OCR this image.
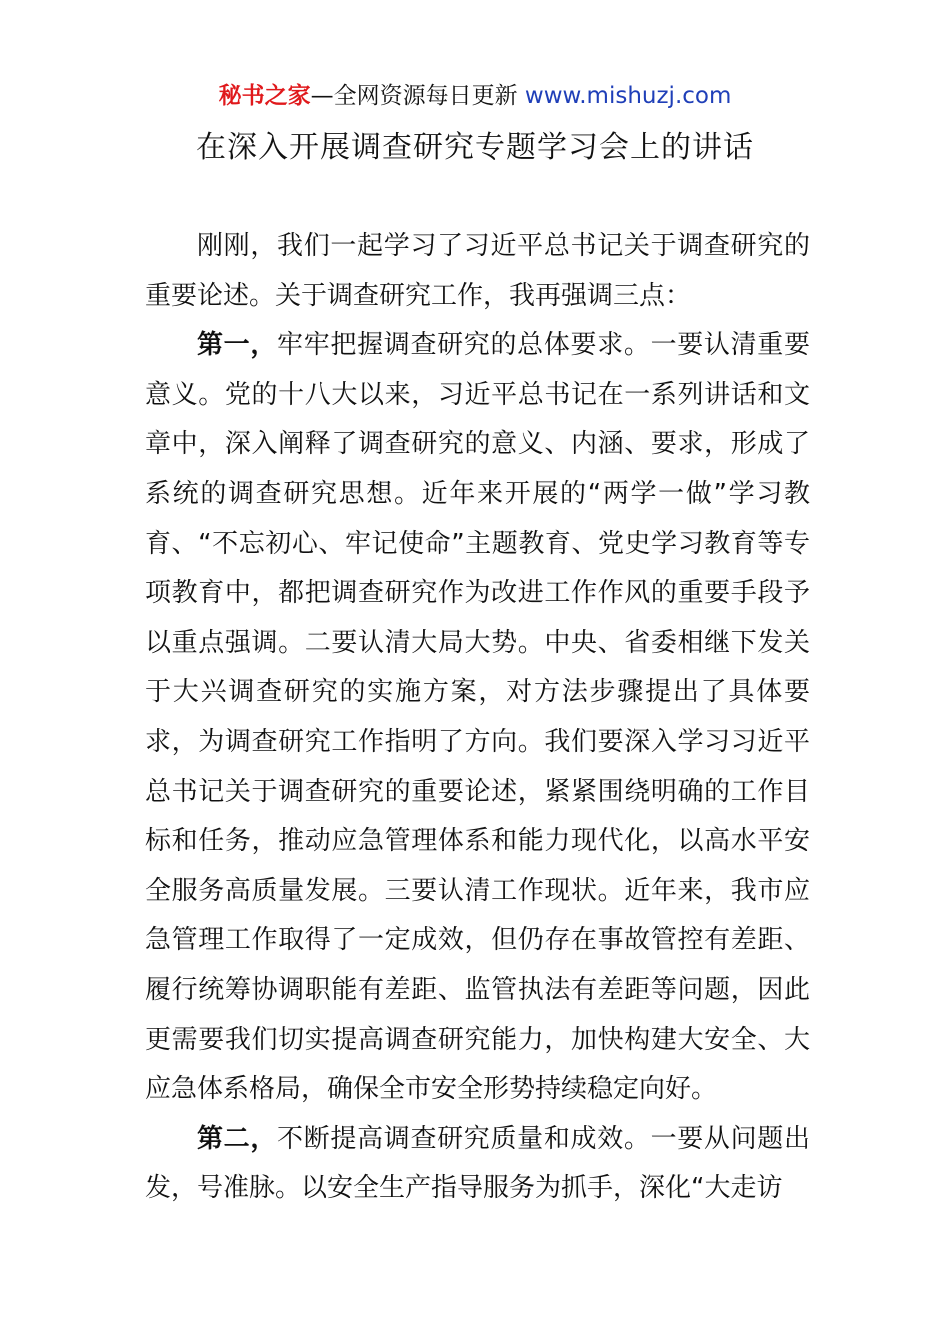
秘书之家—全网资源每日更新 www.mishuzj.com
在深入开展调查研究专题学习会上的讲话

刚刚，我们一起学习了习近平总书记关于调查研究的重要论述。关于调查研究工作，我再强调三点：

第一，牢牢把握调查研究的总体要求。一要认清重要意义。党的十八大以来，习近平总书记在一系列讲话和文章中，深入阐释了调查研究的意义、内涵、要求，形成了系统的调查研究思想。近年来开展的“两学一做”学习教育、“不忘初心、牢记使命”主题教育、党史学习教育等专项教育中，都把调查研究作为改进工作作风的重要手段予以重点强调。二要认清大局大势。中央、省委相继下发关于大兴调查研究的实施方案，对方法步骤提出了具体要求，为调查研究工作指明了方向。我们要深入学习习近平总书记关于调查研究的重要论述，紧紧围绕明确的工作目标和任务，推动应急管理体系和能力现代化，以高水平安全服务高质量发展。三要认清工作现状。近年来，我市应急管理工作取得了一定成效，但仍存在事故管控有差距、履行统筹协调职能有差距、监管执法有差距等问题，因此更需要我们切实提高调查研究能力，加快构建大安全、大应急体系格局，确保全市安全形势持续稳定向好。

第二，不断提高调查研究质量和成效。一要从问题出发，号准脉。以安全生产指导服务为抓手，深化“大走访
